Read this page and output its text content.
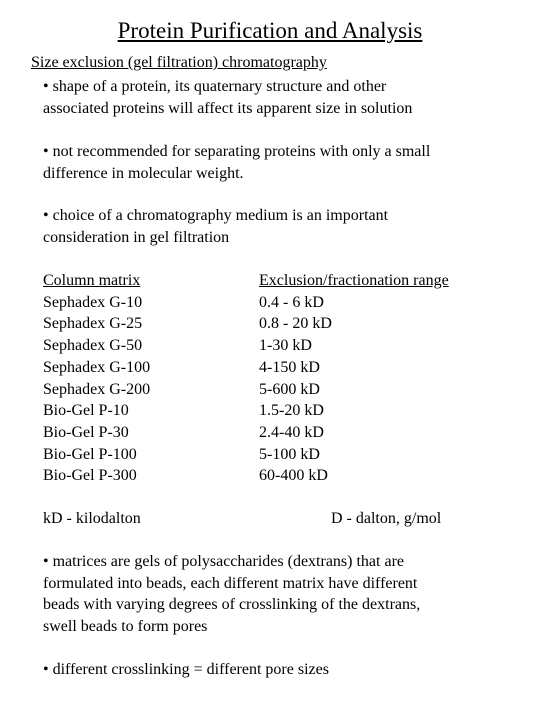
Protein Purification and Analysis
Size exclusion (gel filtration) chromatography
• shape of a protein, its quaternary structure and other
associated proteins will affect its apparent size in solution
• not recommended for separating proteins with only a small
difference in molecular weight.
• choice of a chromatography medium is an important
consideration in gel filtration
Column matrix	Exclusion/fractionation range
Sephadex G-10	0.4 - 6 kD
Sephadex G-25	0.8 - 20 kD
Sephadex G-50	1-30 kD
Sephadex G-100	4-150 kD
Sephadex G-200	5-600 kD
Bio-Gel P-10	1.5-20 kD
Bio-Gel P-30	2.4-40 kD
Bio-Gel P-100	5-100 kD
Bio-Gel P-300	60-400 kD
kD - kilodalton	D - dalton, g/mol
• matrices are gels of polysaccharides (dextrans) that are
formulated into beads, each different matrix have different
beads with varying degrees of crosslinking of the dextrans,
swell beads to form pores
• different crosslinking = different pore sizes
